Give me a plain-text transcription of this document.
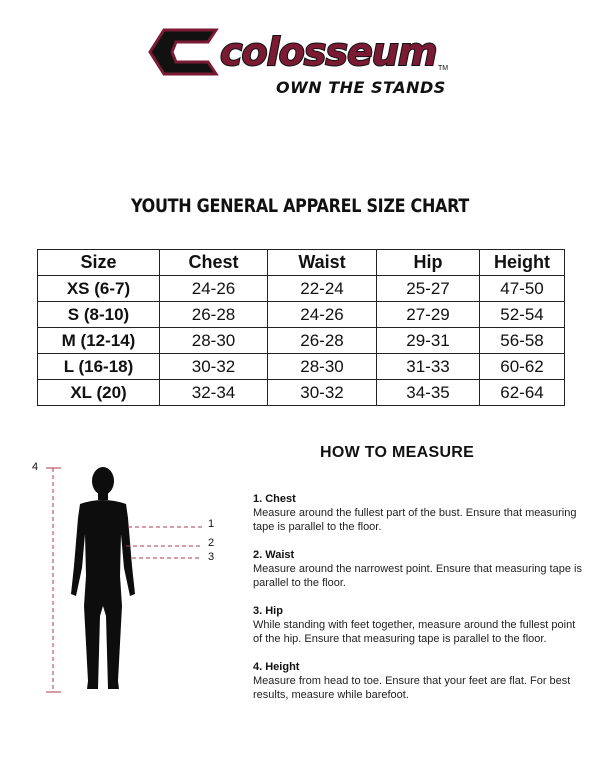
colosseum TM
OWN THE STANDS
YOUTH GENERAL APPAREL SIZE CHART
Size	Chest	Waist	Hip	Height
XS (6-7)	24-26	22-24	25-27	47-50
S (8-10)	26-28	24-26	27-29	52-54
M (12-14)	28-30	26-28	29-31	56-58
L (16-18)	30-32	28-30	31-33	60-62
XL (20)	32-34	30-32	34-35	62-64
4
1
2
3
HOW TO MEASURE
1. Chest
Measure around the fullest part of the bust. Ensure that measuring tape is parallel to the floor.
2. Waist
Measure around the narrowest point. Ensure that measuring tape is parallel to the floor.
3. Hip
While standing with feet together, measure around the fullest point of the hip. Ensure that measuring tape is parallel to the floor.
4. Height
Measure from head to toe. Ensure that your feet are flat. For best results, measure while barefoot.
